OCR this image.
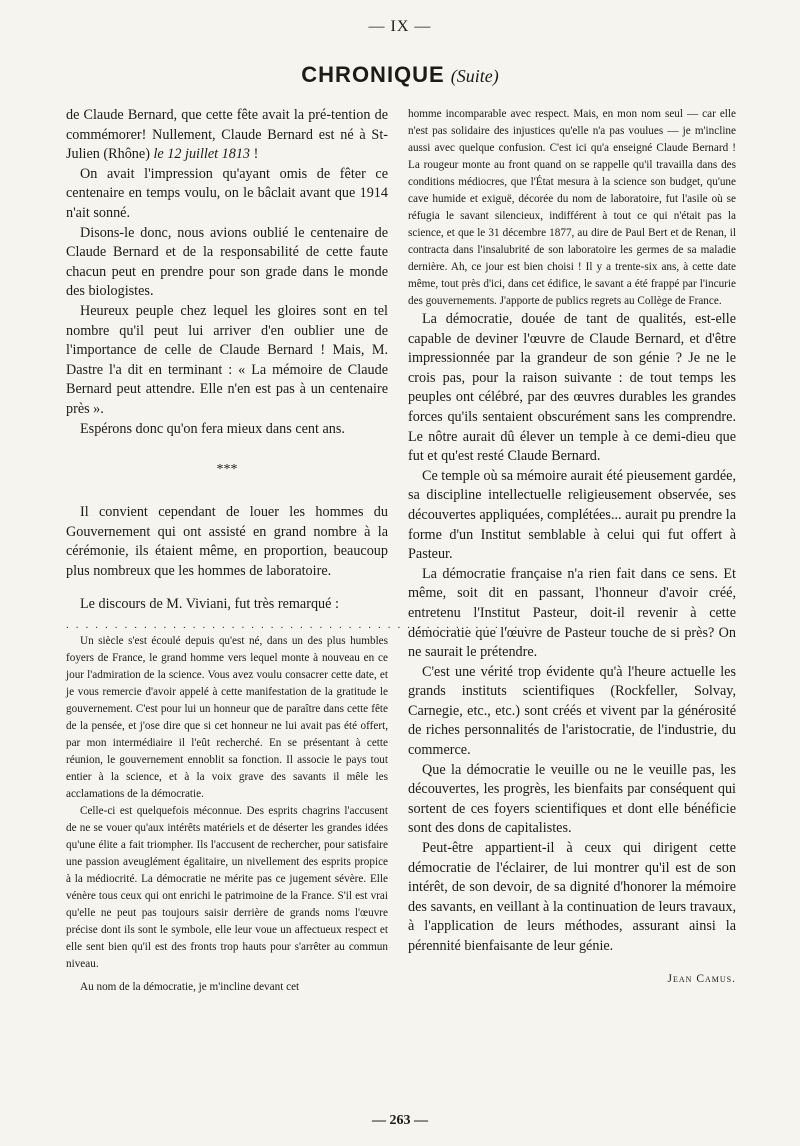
— IX —
CHRONIQUE (Suite)

de Claude Bernard, que cette fête avait la pré-tention de commémorer! Nullement, Claude Bernard est né à St-Julien (Rhône) le 12 juillet 1813 !

On avait l'impression qu'ayant omis de fêter ce centenaire en temps voulu, on le bâclait avant que 1914 n'ait sonné.

Disons-le donc, nous avions oublié le centenaire de Claude Bernard et de la responsabilité de cette faute chacun peut en prendre pour son grade dans le monde des biologistes.

Heureux peuple chez lequel les gloires sont en tel nombre qu'il peut lui arriver d'en oublier une de l'importance de celle de Claude Bernard ! Mais, M. Dastre l'a dit en terminant : « La mémoire de Claude Bernard peut attendre. Elle n'en est pas à un centenaire près ».

Espérons donc qu'on fera mieux dans cent ans.

***

Il convient cependant de louer les hommes du Gouvernement qui ont assisté en grand nombre à la cérémonie, ils étaient même, en proportion, beaucoup plus nombreux que les hommes de laboratoire.

Le discours de M. Viviani, fut très remarqué :

................................................

Un siècle s'est écoulé depuis qu'est né, dans un des plus humbles foyers de France, le grand homme vers lequel monte à nouveau en ce jour l'admiration de la science. Vous avez voulu consacrer cette date, et je vous remercie d'avoir appelé à cette manifestation de la gratitude le gouvernement. C'est pour lui un honneur que de paraître dans cette fête de la pensée, et j'ose dire que si cet honneur ne lui avait pas été offert, par mon intermédiaire il l'eût recherché. En se présentant à cette réunion, le gouvernement ennoblit sa fonction. Il associe le pays tout entier à la science, et à la voix grave des savants il mêle les acclamations de la démocratie.

Celle-ci est quelquefois méconnue. Des esprits chagrins l'accusent de ne se vouer qu'aux intérêts matériels et de déserter les grandes idées qu'une élite a fait triompher. Ils l'accusent de rechercher, pour satisfaire une passion aveuglément égalitaire, un nivellement des esprits propice à la médiocrité. La démocratie ne mérite pas ce jugement sévère. Elle vénère tous ceux qui ont enrichi le patrimoine de la France. S'il est vrai qu'elle ne peut pas toujours saisir derrière de grands noms l'œuvre précise dont ils sont le symbole, elle leur voue un affectueux respect et elle sent bien qu'il est des fronts trop hauts pour s'arrêter au commun niveau.

Au nom de la démocratie, je m'incline devant cet

homme incomparable avec respect. Mais, en mon nom seul — car elle n'est pas solidaire des injustices qu'elle n'a pas voulues — je m'incline aussi avec quelque confusion. C'est ici qu'a enseigné Claude Bernard ! La rougeur monte au front quand on se rappelle qu'il travailla dans des conditions médiocres, que l'État mesura à la science son budget, qu'une cave humide et exiguë, décorée du nom de laboratoire, fut l'asile où se réfugia le savant silencieux, indifférent à tout ce qui n'était pas la science, et que le 31 décembre 1877, au dire de Paul Bert et de Renan, il contracta dans l'insalubrité de son laboratoire les germes de sa maladie dernière. Ah, ce jour est bien choisi ! Il y a trente-six ans, à cette date même, tout près d'ici, dans cet édifice, le savant a été frappé par l'incurie des gouvernements. J'apporte de publics regrets au Collège de France.

La démocratie, douée de tant de qualités, est-elle capable de deviner l'œuvre de Claude Bernard, et d'être impressionnée par la grandeur de son génie ? Je ne le crois pas, pour la raison suivante : de tout temps les peuples ont célébré, par des œuvres durables les grandes forces qu'ils sentaient obscurément sans les comprendre. Le nôtre aurait dû élever un temple à ce demi-dieu que fut et qu'est resté Claude Bernard.

Ce temple où sa mémoire aurait été pieusement gardée, sa discipline intellectuelle religieusement observée, ses découvertes appliquées, complétées... aurait pu prendre la forme d'un Institut semblable à celui qui fut offert à Pasteur.

La démocratie française n'a rien fait dans ce sens. Et même, soit dit en passant, l'honneur d'avoir créé, entretenu l'Institut Pasteur, doit-il revenir à cette démocratie que l'œuvre de Pasteur touche de si près? On ne saurait le prétendre.

C'est une vérité trop évidente qu'à l'heure actuelle les grands instituts scientifiques (Rockfeller, Solvay, Carnegie, etc., etc.) sont créés et vivent par la générosité de riches personnalités de l'aristocratie, de l'industrie, du commerce.

Que la démocratie le veuille ou ne le veuille pas, les découvertes, les progrès, les bienfaits par conséquent qui sortent de ces foyers scientifiques et dont elle bénéficie sont des dons de capitalistes.

Peut-être appartient-il à ceux qui dirigent cette démocratie de l'éclairer, de lui montrer qu'il est de son intérêt, de son devoir, de sa dignité d'honorer la mémoire des savants, en veillant à la continuation de leurs travaux, à l'application de leurs méthodes, assurant ainsi la pérennité bienfaisante de leur génie.

Jean Camus.
— 263 —
